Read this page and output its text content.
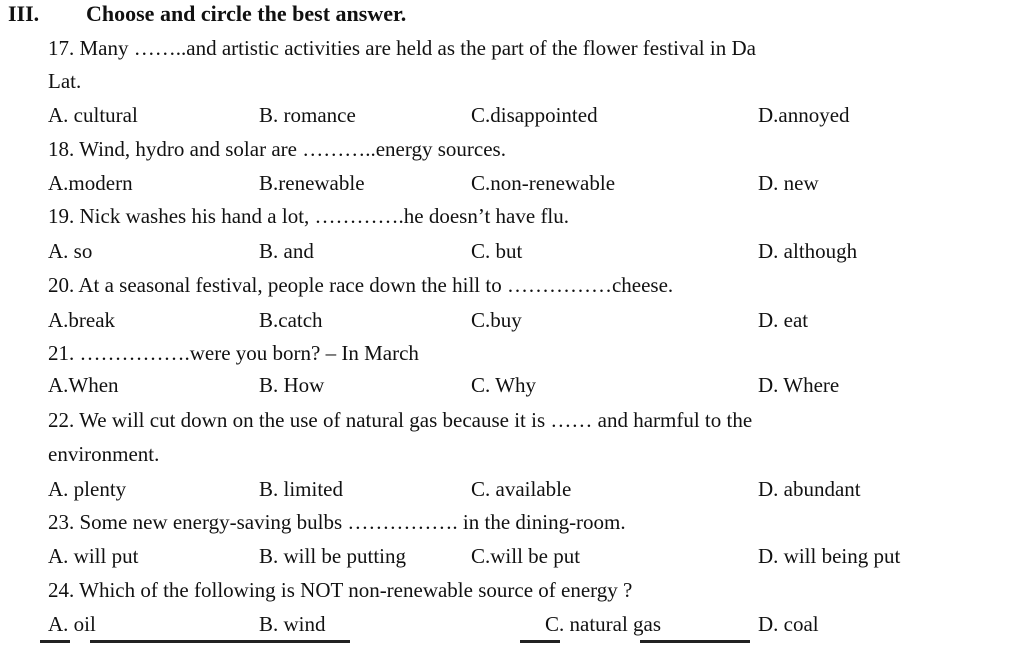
III. Choose and circle the best answer.
17. Many ……..and artistic activities are held as the part of the flower festival in Da
Lat.
A. cultural	B. romance	C.disappointed	D.annoyed
18. Wind, hydro and solar are ………..energy sources.
A.modern	B.renewable	C.non-renewable	D. new
19. Nick washes his hand a lot, ………….he doesn’t have flu.
A. so	B. and	C. but	D. although
20. At a seasonal festival, people race down the hill to ……………cheese.
A.break	B.catch	C.buy	D. eat
21. …………….were you born? – In March
A.When	B. How	C. Why	D. Where
22. We will cut down on the use of natural gas because it is …… and harmful to the
environment.
A. plenty	B. limited	C. available	D. abundant
23. Some new energy-saving bulbs ……………. in the dining-room.
A. will put	B. will be putting	C.will be put	D. will being put
24. Which of the following is NOT non-renewable source of energy ?
A. oil	B. wind	C. natural gas	D. coal
